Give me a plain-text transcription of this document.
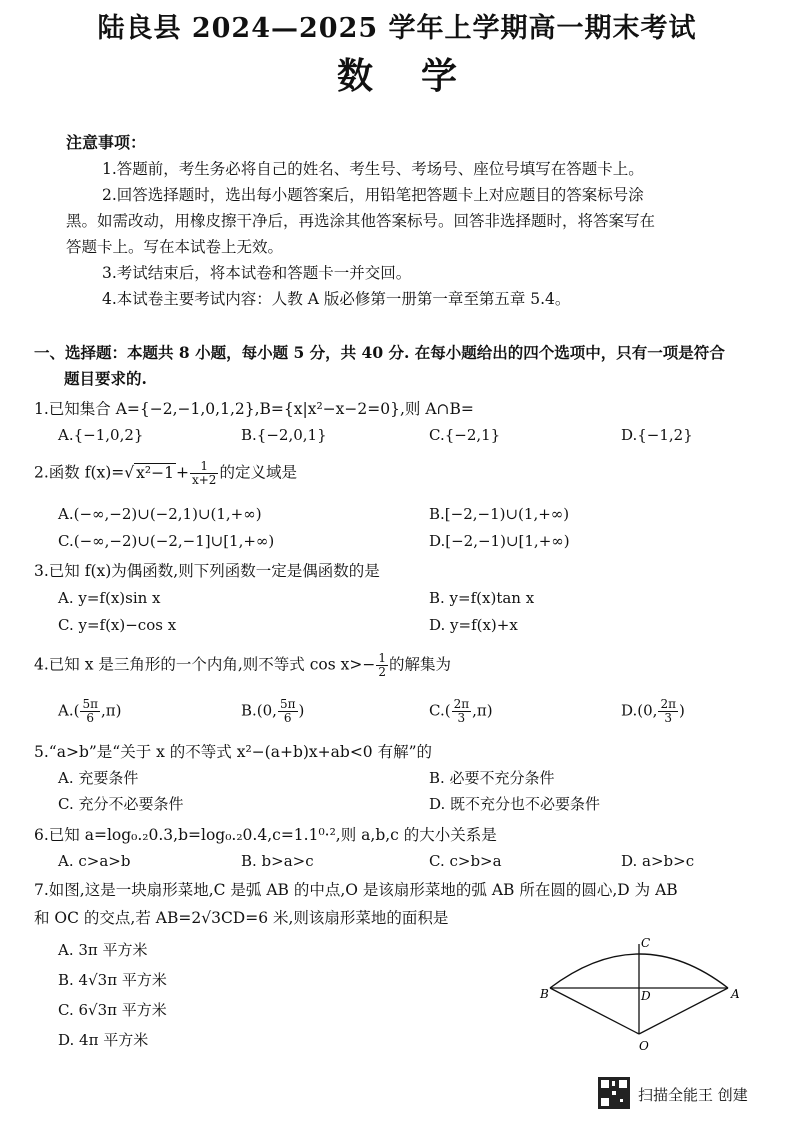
陆良县 2024—2025 学年上学期高一期末考试
数学
注意事项：
1.答题前，考生务必将自己的姓名、考生号、考场号、座位号填写在答题卡上。
2.回答选择题时，选出每小题答案后，用铅笔把答题卡上对应题目的答案标号涂
黑。如需改动，用橡皮擦干净后，再选涂其他答案标号。回答非选择题时，将答案写在
答题卡上。写在本试卷上无效。
3.考试结束后，将本试卷和答题卡一并交回。
4.本试卷主要考试内容：人教 A 版必修第一册第一章至第五章 5.4。
一、选择题：本题共 8 小题，每小题 5 分，共 40 分. 在每小题给出的四个选项中，只有一项是符合
题目要求的.
1.已知集合 A={−2,−1,0,1,2},B={x|x²−x−2=0},则 A∩B=
A.{−1,0,2}	B.{−2,0,1}	C.{−2,1}	D.{−1,2}
2.函数 f(x)=√ $x^2-1 + \frac{1}{x+2}$ 的定义域是
A.(−∞,−2)∪(−2,1)∪(1,+∞)	B.[−2,−1)∪(1,+∞)
C.(−∞,−2)∪(−2,−1]∪[1,+∞)	D.[−2,−1)∪[1,+∞)
3.已知 f(x)为偶函数,则下列函数一定是偶函数的是
A. y=f(x)sin x	B. y=f(x)tan x
C. y=f(x)−cos x	D. y=f(x)+x
4.已知 x 是三角形的一个内角,则不等式 $\cos x>- \frac{1}{2}$ 的解集为
$A.( \frac{5\pi}{6} ,\pi)$	B.(0, $\frac{5\pi}{6}$ )	$C.( \frac{2\pi}{3} ,\pi)$	D.(0, $\frac{2\pi}{3}$ )
5.“a>b”是“关于 x 的不等式 x²−(a+b)x+ab<0 有解”的
A. 充要条件	B. 必要不充分条件
C. 充分不必要条件	D. 既不充分也不必要条件
6.已知 a=log₀.₂0.3,b=log₀.₂0.4,c=1.1⁰·²,则 a,b,c 的大小关系是
A. c>a>b	B. b>a>c	C. c>b>a	D. a>b>c
7.如图,这是一块扇形菜地,C 是弧 AB 的中点,O 是该扇形菜地的弧 AB 所在圆的圆心,D 为 AB
和 OC 的交点,若 AB=2√3CD=6 米,则该扇形菜地的面积是
A. 3π 平方米
B. 4√3π 平方米
C. 6√3π 平方米
D. 4π 平方米
C
B	D	A
O
扫描全能王 创建
